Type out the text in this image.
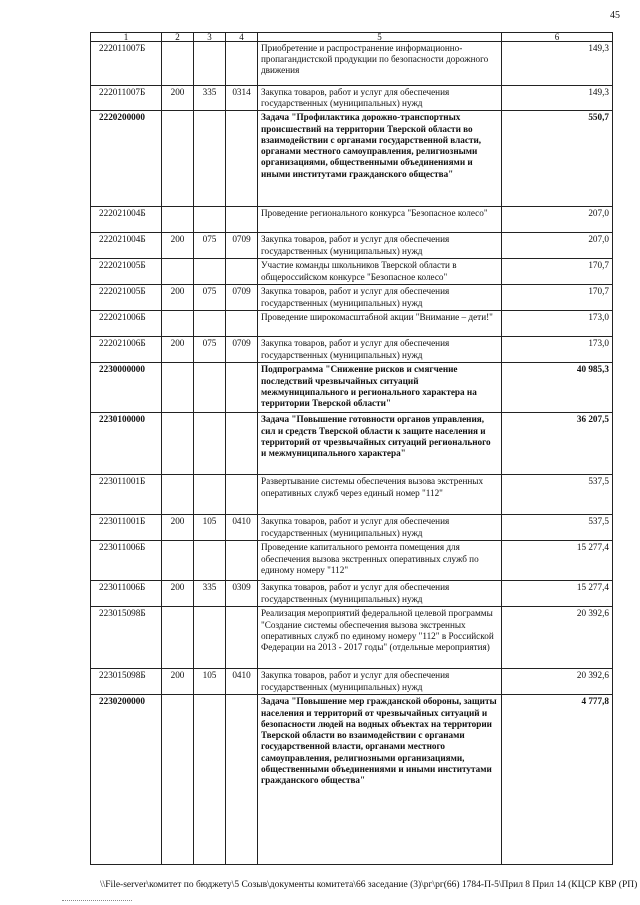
45
1	2	3	4	5	6
222011007Б				Приобретение и распространение информационно-пропагандистской продукции по безопасности дорожного движения	149,3
222011007Б	200	335	0314	Закупка товаров, работ и услуг для обеспечения государственных (муниципальных) нужд	149,3
2220200000				Задача "Профилактика дорожно-транспортных происшествий на территории Тверской области во взаимодействии с органами государственной власти, органами местного самоуправления, религиозными организациями, общественными объединениями и иными институтами гражданского общества"	550,7
222021004Б				Проведение регионального конкурса "Безопасное колесо"	207,0
222021004Б	200	075	0709	Закупка товаров, работ и услуг для обеспечения государственных (муниципальных) нужд	207,0
222021005Б				Участие команды школьников Тверской области в общероссийском конкурсе "Безопасное колесо"	170,7
222021005Б	200	075	0709	Закупка товаров, работ и услуг для обеспечения государственных (муниципальных) нужд	170,7
222021006Б				Проведение широкомасштабной акции "Внимание – дети!"	173,0
222021006Б	200	075	0709	Закупка товаров, работ и услуг для обеспечения государственных (муниципальных) нужд	173,0
2230000000				Подпрограмма "Снижение рисков и смягчение последствий чрезвычайных ситуаций межмуниципального и регионального характера на территории Тверской области"	40 985,3
2230100000				Задача "Повышение готовности органов управления, сил и средств Тверской области к защите населения и территорий от чрезвычайных ситуаций регионального и межмуниципального характера"	36 207,5
223011001Б				Развертывание системы обеспечения вызова экстренных оперативных служб через единый номер "112"	537,5
223011001Б	200	105	0410	Закупка товаров, работ и услуг для обеспечения государственных (муниципальных) нужд	537,5
223011006Б				Проведение капитального ремонта помещения для обеспечения вызова экстренных оперативных служб по единому номеру "112"	15 277,4
223011006Б	200	335	0309	Закупка товаров, работ и услуг для обеспечения государственных (муниципальных) нужд	15 277,4
223015098Б				Реализация мероприятий федеральной целевой программы "Создание системы обеспечения вызова экстренных оперативных служб по единому номеру "112" в Российской Федерации на 2013 - 2017 годы" (отдельные мероприятия)	20 392,6
223015098Б	200	105	0410	Закупка товаров, работ и услуг для обеспечения государственных (муниципальных) нужд	20 392,6
2230200000				Задача "Повышение мер гражданской обороны, защиты населения и территорий от чрезвычайных ситуаций и безопасности людей на водных объектах на территории Тверской области во взаимодействии с органами государственной власти, органами местного самоуправления, религиозными организациями, общественными объединениями и иными институтами гражданского общества"	4 777,8
\\File-server\комитет по бюджету\5 Созыв\документы комитета\66 заседание (3)\рг\рг(66) 1784-П-5\Прил 8 Прил 14 (КЦСР КВР (РП)
